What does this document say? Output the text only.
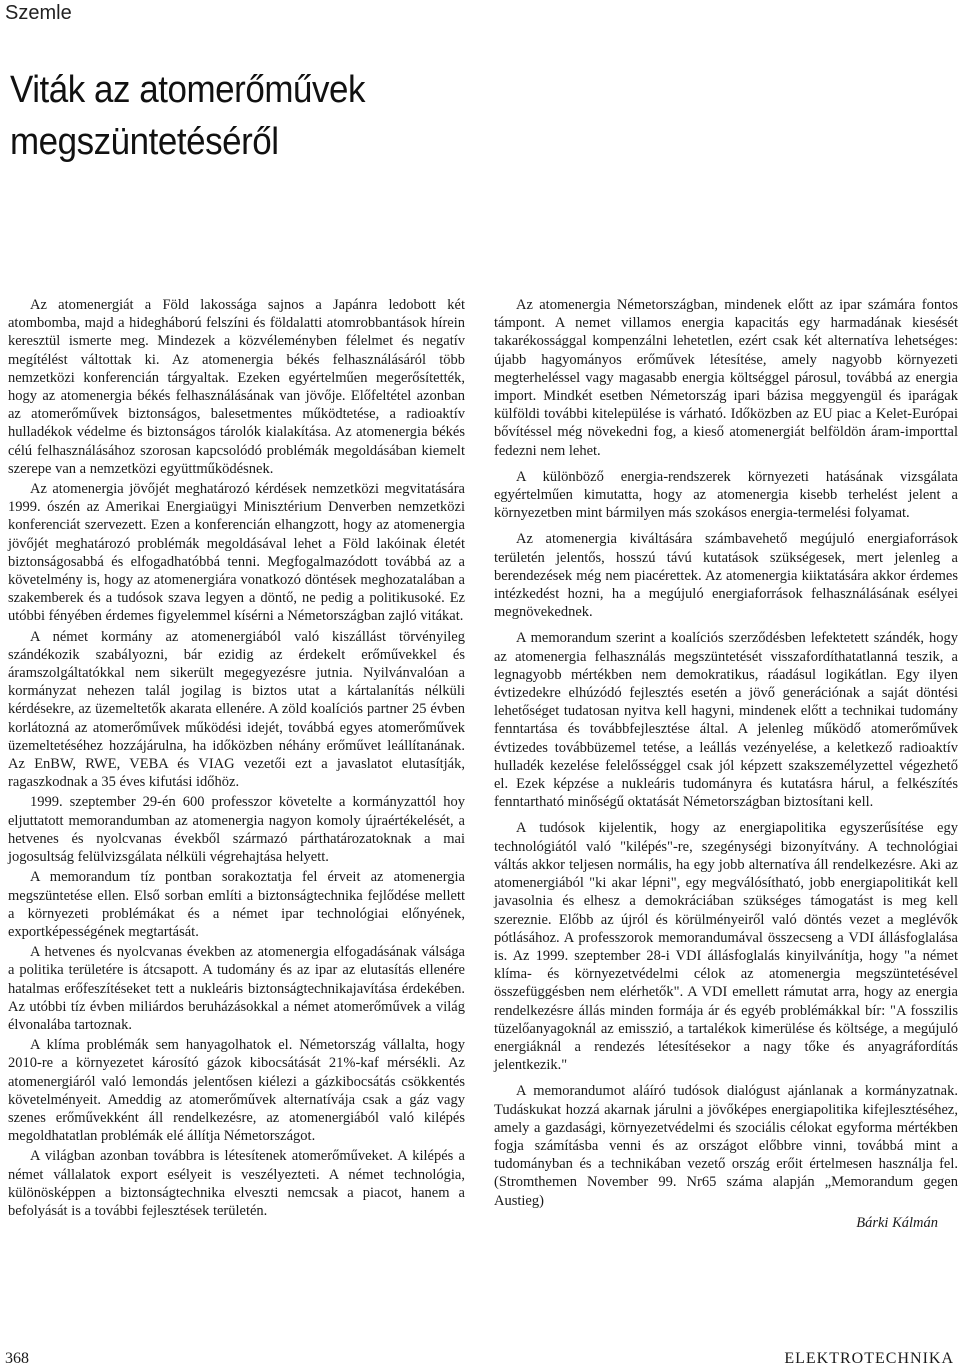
Szemle
Viták az atomerőművek
megszüntetéséről

Az atomenergiát a Föld lakossága sajnos a Japánra ledobott két atombomba, majd a hidegháború felszíni és földalatti atomrobbantások hírein keresztül ismerte meg. Mindezek a közvéleményben félelmet és negatív megítélést váltottak ki. Az atomenergia békés felhasználásáról több nemzetközi konferencián tárgyaltak. Ezeken egyértelműen megerősítették, hogy az atomenergia békés felhasználásának van jövője. Előfeltétel azonban az atomerőművek biztonságos, balesetmentes működtetése, a radioaktív hulladékok védelme és biztonságos tárolók kialakítása. Az atomenergia békés célú felhasználásához szorosan kapcsolódó problémák megoldásában kiemelt szerepe van a nemzetközi együttműködésnek.

Az atomenergia jövőjét meghatározó kérdések nemzetközi megvitatására 1999. ószén az Amerikai Energiaügyi Minisztérium Denverben nemzetközi konferenciát szervezett. Ezen a konferencián elhangzott, hogy az atomenergia jövőjét meghatározó problémák megoldásával lehet a Föld lakóinak életét biztonságosabbá és elfogadhatóbbá tenni. Megfogalmazódott továbbá az a követelmény is, hogy az atomenergiára vonatkozó döntések meghozatalában a szakemberek és a tudósok szava legyen a döntő, ne pedig a politikusoké. Ez utóbbi fényében érdemes figyelemmel kísérni a Németországban zajló vitákat.

A német kormány az atomenergiából való kiszállást törvényileg szándékozik szabályozni, bár ezidig az érdekelt erőművekkel és áramszolgáltatókkal nem sikerült megegyezésre jutnia. Nyilvánvalóan a kormányzat nehezen talál jogilag is biztos utat a kártalanítás nélküli kérdésekre, az üzemeltetők akarata ellenére. A zöld koalíciós partner 25 évben korlátozná az atomerőművek működési idejét, továbbá egyes atomerőművek üzemeltetéséhez hozzájárulna, ha időközben néhány erőművet leállítanának. Az EnBW, RWE, VEBA és VIAG vezetői ezt a javaslatot elutasítják, ragaszkodnak a 35 éves kifutási időhöz.

1999. szeptember 29-én 600 professzor követelte a kormányzattól hoy eljuttatott memorandumban az atomenergia nagyon komoly újraértékelését, a hetvenes és nyolcvanas évekből származó párthatározatoknak a mai jogosultság felülvizsgálata nélküli végrehajtása helyett.

A memorandum tíz pontban sorakoztatja fel érveit az atomenergia megszüntetése ellen. Első sorban említi a biztonságtechnika fejlődése mellett a környezeti problémákat és a német ipar technológiai előnyének, exportképességének megtartását.

A hetvenes és nyolcvanas években az atomenergia elfogadásának válsága a politika területére is átcsapott. A tudomány és az ipar az elutasítás ellenére hatalmas erőfeszítéseket tett a nukleáris biztonságtechnikajavítása érdekében. Az utóbbi tíz évben miliárdos beruházásokkal a német atomerőművek a világ élvonalába tartoznak.

A klíma problémák sem hanyagolhatok el. Németország vállalta, hogy 2010-re a környezetet károsító gázok kibocsátását 21%-kaf mérsékli. Az atomenergiáról való lemondás jelentősen kiélezi a gázkibocsátás csökkentés követelményeit. Ameddig az atomerőművek alternatívája csak a gáz vagy szenes erőművekként áll rendelkezésre, az atomenergiából való kilépés megoldhatatlan problémák elé állítja Németországot.

A világban azonban továbbra is létesítenek atomerőműveket. A kilépés a német vállalatok export esélyeit is veszélyezteti. A német technológia, különösképpen a biztonságtechnika elveszti nemcsak a piacot, hanem a befolyását is a további fejlesztések területén.

Az atomenergia Németországban, mindenek előtt az ipar számára fontos támpont. A nemet villamos energia kapacitás egy harmadának kiesését takarékossággal kompenzálni lehetetlen, ezért csak két alternatíva lehetséges: újabb hagyományos erőművek létesítése, amely nagyobb környezeti megterheléssel vagy magasabb energia költséggel párosul, továbbá az energia import. Mindkét esetben Németország ipari bázisa meggyengül és iparágak külföldi további kitelepülése is várható. Időközben az EU piac a Kelet-Európai bővítéssel még növekedni fog, a kieső atomenergiát belföldön áram-importtal fedezni nem lehet.

A különböző energia-rendszerek környezeti hatásának vizsgálata egyértelműen kimutatta, hogy az atomenergia kisebb terhelést jelent a környezetben mint bármilyen más szokásos energia-termelési folyamat.

Az atomenergia kiváltására számbavehető megújuló energiaforrások területén jelentős, hosszú távú kutatások szükségesek, mert jelenleg a berendezések még nem piacérettek. Az atomenergia kiiktatására akkor érdemes intézkedést hozni, ha a megújuló energiaforrások felhasználásának esélyei megnövekednek.

A memorandum szerint a koalíciós szerződésben lefektetett szándék, hogy az atomenergia felhasználás megszüntetését visszafordíthatatlanná teszik, a legnagyobb mértékben nem demokratikus, ráadásul logikátlan. Egy ilyen évtizedekre elhúzódó fejlesztés esetén a jövő generációnak a saját döntési lehetőséget tudatosan nyitva kell hagyni, mindenek előtt a technikai tudomány fenntartása és továbbfejlesztése által. A jelenleg működő atomerőművek évtizedes továbbüzemel tetése, a leállás vezényelése, a keletkező radioaktív hulladék kezelése felelősséggel csak jól képzett szakszemélyzettel végezhető el. Ezek képzése a nukleáris tudományra és kutatásra hárul, a felkészítés fenntartható minőségű oktatását Németországban biztosítani kell.

A tudósok kijelentik, hogy az energiapolitika egyszerűsítése egy technológiától való "kilépés"-re, szegénységi bizonyítvány. A technológiai váltás akkor teljesen normális, ha egy jobb alternatíva áll rendelkezésre. Aki az atomenergiából "ki akar lépni", egy megválósítható, jobb energiapolitikát kell javasolnia és elhesz a demokráciában szükséges támogatást is meg kell szereznie. Előbb az újról és körülményeiről való döntés vezet a meglévők pótlásához. A professzorok memorandumával összecseng a VDI állásfoglalása is. Az 1999. szeptember 28-i VDI állásfoglalás kinyilvánítja, hogy "a német klíma- és környezetvédelmi célok az atomenergia megszüntetésével összefüggésben nem elérhetők". A VDI emellett rámutat arra, hogy az energia rendelkezésre állás minden formája ár és egyéb problémákkal bír: "A fosszilis tüzelőanyagoknál az emisszió, a tartalékok kimerülése és költsége, a megújuló energiáknál a rendezés létesítésekor a nagy tőke és anyagráfordítás jelentkezik."

A memorandumot aláíró tudósok dialógust ajánlanak a kormányzatnak. Tudáskukat hozzá akarnak járulni a jövőképes energiapolitika kifejlesztéséhez, amely a gazdasági, környezetvédelmi és szociális célokat egyforma mértékben fogja számításba venni és az országot előbbre vinni, továbbá mint a tudományban és a technikában vezető ország erőit értelmesen használja fel. (Stromthemen November 99. Nr65 száma alapján „Memorandum gegen Austieg)

Bárki Kálmán
368	ELEKTROTECHNIKA
